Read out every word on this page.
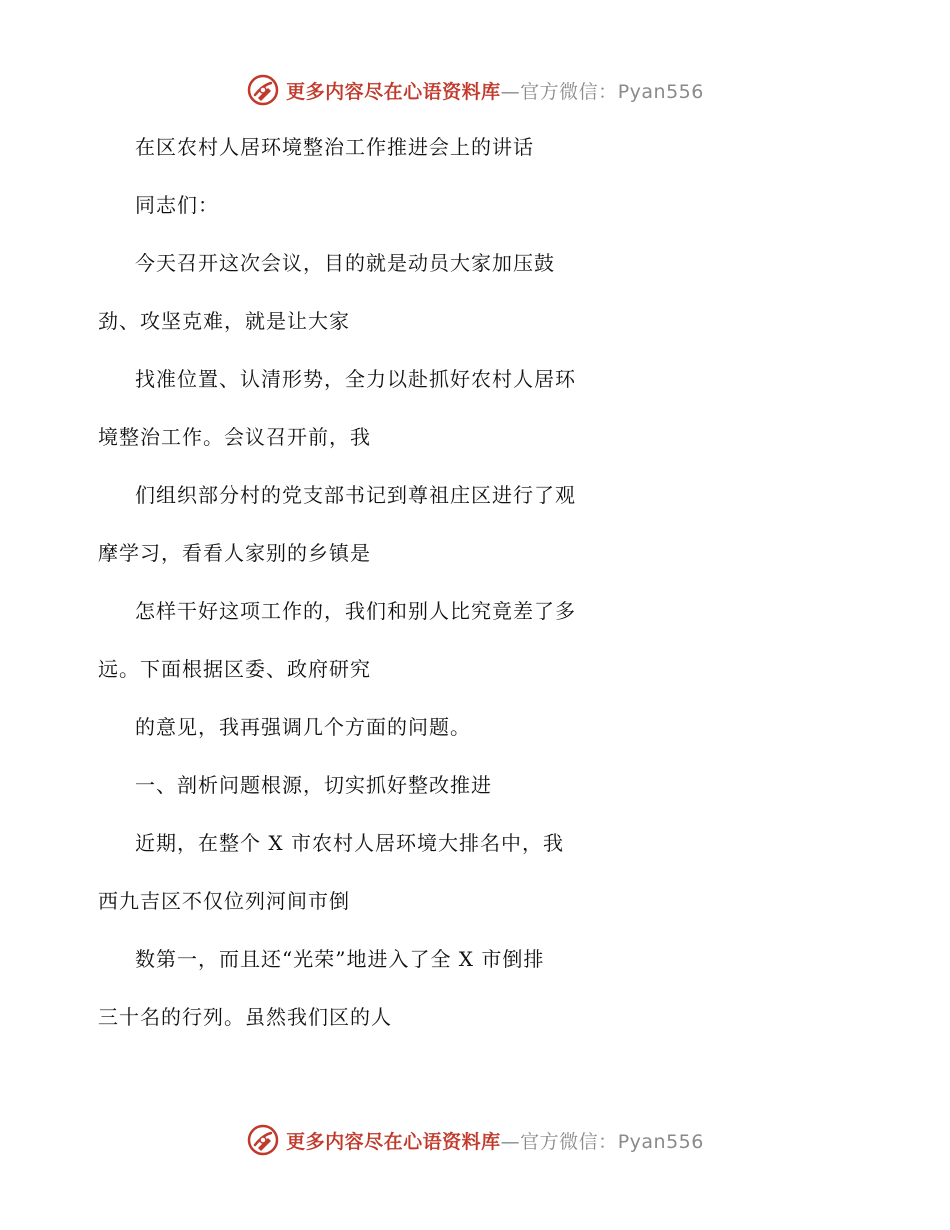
更多内容尽在心语资料库—官方微信：Pyan556
在区农村人居环境整治工作推进会上的讲话
同志们：
今天召开这次会议，目的就是动员大家加压鼓
劲、攻坚克难，就是让大家
找准位置、认清形势，全力以赴抓好农村人居环
境整治工作。会议召开前，我
们组织部分村的党支部书记到尊祖庄区进行了观
摩学习，看看人家别的乡镇是
怎样干好这项工作的，我们和别人比究竟差了多
远。下面根据区委、政府研究
的意见，我再强调几个方面的问题。
一、剖析问题根源，切实抓好整改推进
近期，在整个 X 市农村人居环境大排名中，我
西九吉区不仅位列河间市倒
数第一，而且还“光荣”地进入了全 X 市倒排
三十名的行列。虽然我们区的人
更多内容尽在心语资料库—官方微信：Pyan556
